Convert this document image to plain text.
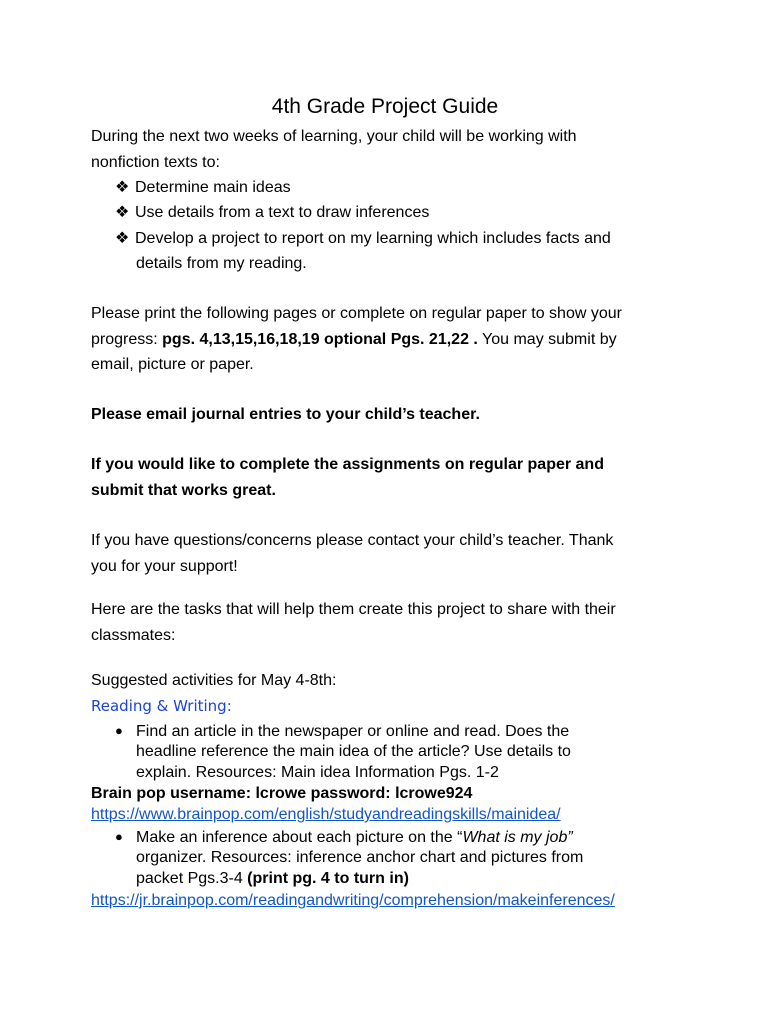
4th Grade Project Guide
During the next two weeks of learning, your child will be working with
nonfiction texts to:
❖ Determine main ideas
❖ Use details from a text to draw inferences
❖ Develop a project to report on my learning which includes facts and
details from my reading.
Please print the following pages or complete on regular paper to show your
progress: pgs. 4,13,15,16,18,19 optional Pgs. 21,22 . You may submit by
email, picture or paper.
Please email journal entries to your child’s teacher.
If you would like to complete the assignments on regular paper and
submit that works great.
If you have questions/concerns please contact your child’s teacher. Thank
you for your support!
Here are the tasks that will help them create this project to share with their
classmates:
Suggested activities for May 4-8th:
Reading & Writing:
● Find an article in the newspaper or online and read. Does the
headline reference the main idea of the article? Use details to
explain. Resources: Main idea Information Pgs. 1-2
Brain pop username: lcrowe password: lcrowe924
https://www.brainpop.com/english/studyandreadingskills/mainidea/
● Make an inference about each picture on the “What is my job”
organizer. Resources: inference anchor chart and pictures from
packet Pgs.3-4 (print pg. 4 to turn in)
https://jr.brainpop.com/readingandwriting/comprehension/makeinferences/
